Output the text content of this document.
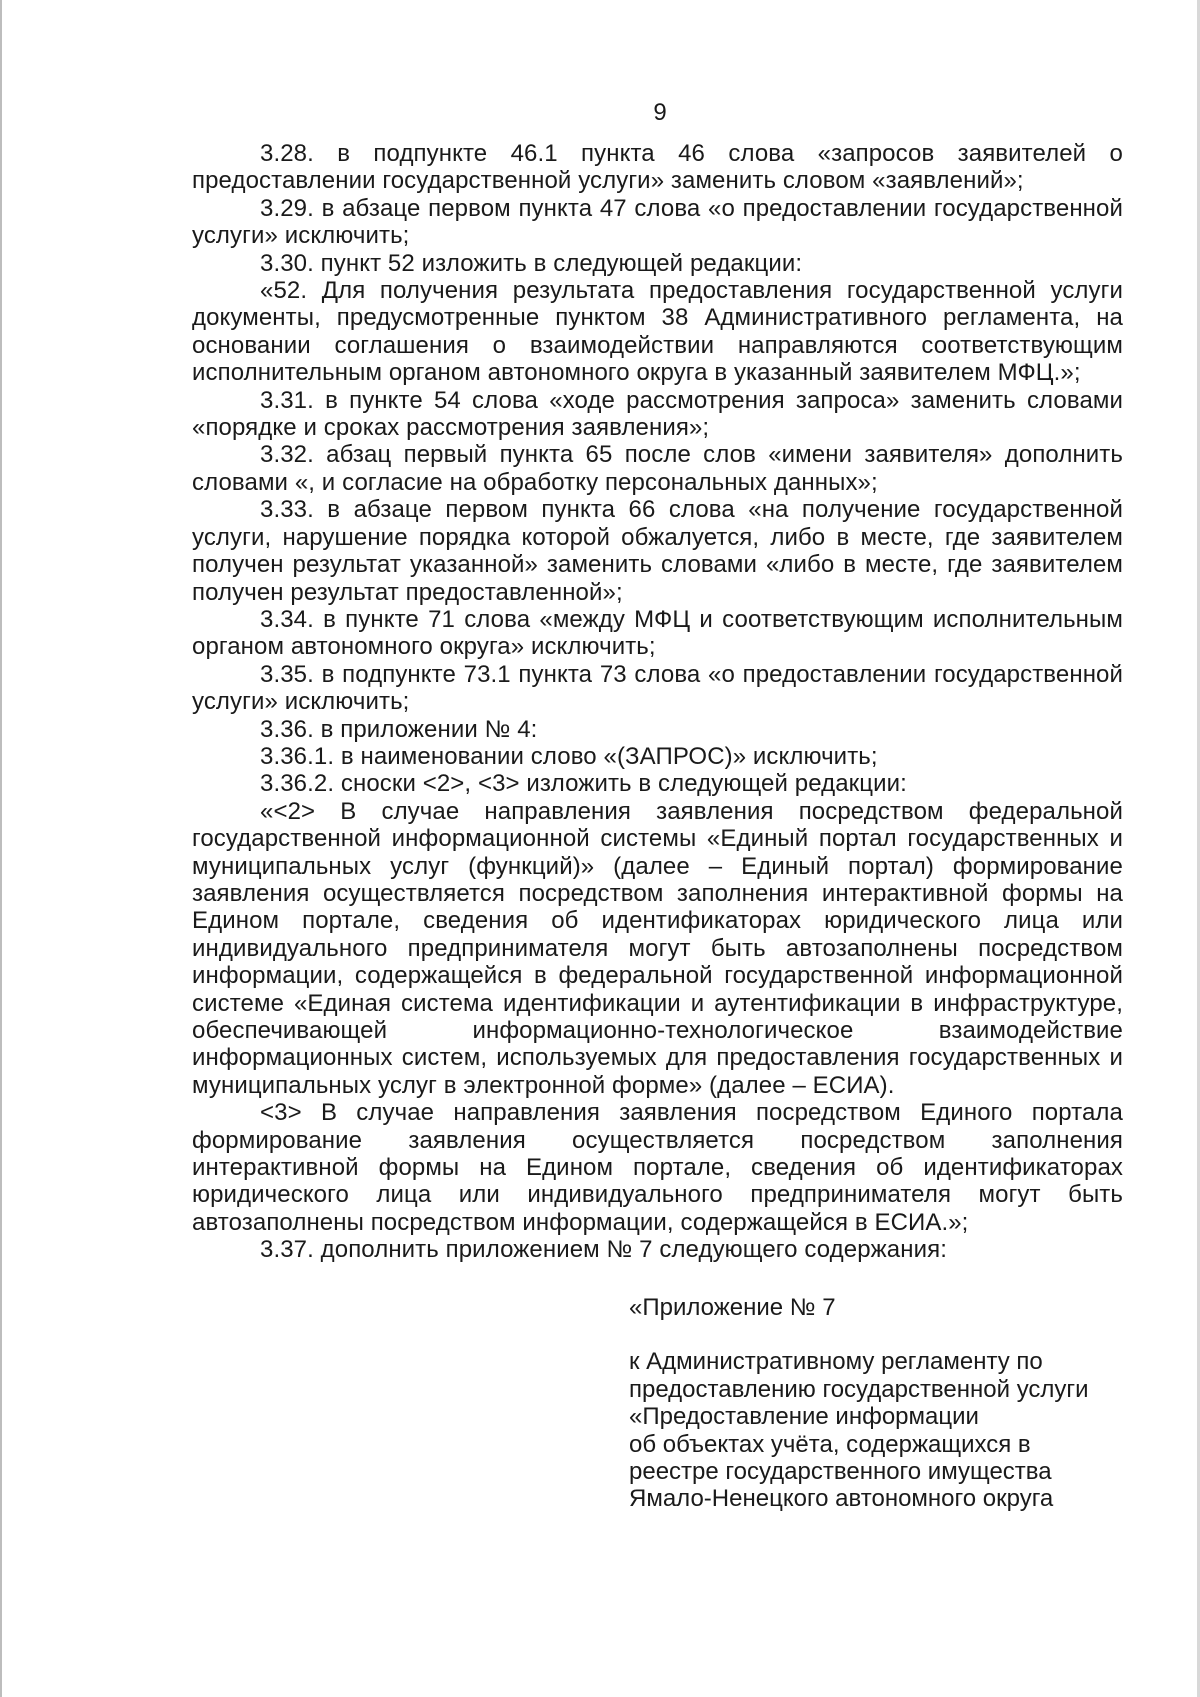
9

3.28. в подпункте 46.1 пункта 46 слова «запросов заявителей о предоставлении государственной услуги» заменить словом «заявлений»;

3.29. в абзаце первом пункта 47 слова «о предоставлении государственной услуги» исключить;

3.30. пункт 52 изложить в следующей редакции:

«52. Для получения результата предоставления государственной услуги документы, предусмотренные пунктом 38 Административного регламента, на основании соглашения о взаимодействии направляются соответствующим исполнительным органом автономного округа в указанный заявителем МФЦ.»;

3.31. в пункте 54 слова «ходе рассмотрения запроса» заменить словами «порядке и сроках рассмотрения заявления»;

3.32. абзац первый пункта 65 после слов «имени заявителя» дополнить словами «, и согласие на обработку персональных данных»;

3.33. в абзаце первом пункта 66 слова «на получение государственной услуги, нарушение порядка которой обжалуется, либо в месте, где заявителем получен результат указанной» заменить словами «либо в месте, где заявителем получен результат предоставленной»;

3.34. в пункте 71 слова «между МФЦ и соответствующим исполнительным органом автономного округа» исключить;

3.35. в подпункте 73.1 пункта 73 слова «о предоставлении государственной услуги» исключить;

3.36. в приложении № 4:

3.36.1. в наименовании слово «(ЗАПРОС)» исключить;

3.36.2. сноски <2>, <3> изложить в следующей редакции:

«<2> В случае направления заявления посредством федеральной государственной информационной системы «Единый портал государственных и муниципальных услуг (функций)» (далее – Единый портал) формирование заявления осуществляется посредством заполнения интерактивной формы на Едином портале, сведения об идентификаторах юридического лица или индивидуального предпринимателя могут быть автозаполнены посредством информации, содержащейся в федеральной государственной информационной системе «Единая система идентификации и аутентификации в инфраструктуре, обеспечивающей информационно-технологическое взаимодействие информационных систем, используемых для предоставления государственных и муниципальных услуг в электронной форме» (далее – ЕСИА).

<3> В случае направления заявления посредством Единого портала формирование заявления осуществляется посредством заполнения интерактивной формы на Едином портале, сведения об идентификаторах юридического лица или индивидуального предпринимателя могут быть автозаполнены посредством информации, содержащейся в ЕСИА.»;

3.37. дополнить приложением № 7 следующего содержания:

«Приложение № 7

к Административному регламенту по
предоставлению государственной услуги
«Предоставление информации
об объектах учёта, содержащихся в
реестре государственного имущества
Ямало-Ненецкого автономного округа
